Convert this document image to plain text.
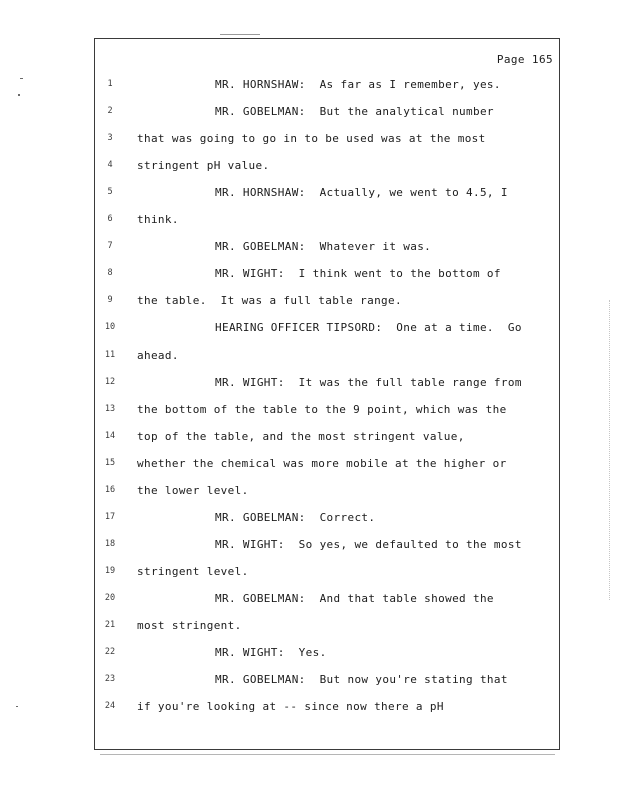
Page 165
1	MR. HORNSHAW:  As far as I remember, yes.
2	MR. GOBELMAN:  But the analytical number
3	that was going to go in to be used was at the most
4	stringent pH value.
5	MR. HORNSHAW:  Actually, we went to 4.5, I
6	think.
7	MR. GOBELMAN:  Whatever it was.
8	MR. WIGHT:  I think went to the bottom of
9	the table.  It was a full table range.
10	HEARING OFFICER TIPSORD:  One at a time.  Go
11	ahead.
12	MR. WIGHT:  It was the full table range from
13	the bottom of the table to the 9 point, which was the
14	top of the table, and the most stringent value,
15	whether the chemical was more mobile at the higher or
16	the lower level.
17	MR. GOBELMAN:  Correct.
18	MR. WIGHT:  So yes, we defaulted to the most
19	stringent level.
20	MR. GOBELMAN:  And that table showed the
21	most stringent.
22	MR. WIGHT:  Yes.
23	MR. GOBELMAN:  But now you're stating that
24	if you're looking at -- since now there a pH
